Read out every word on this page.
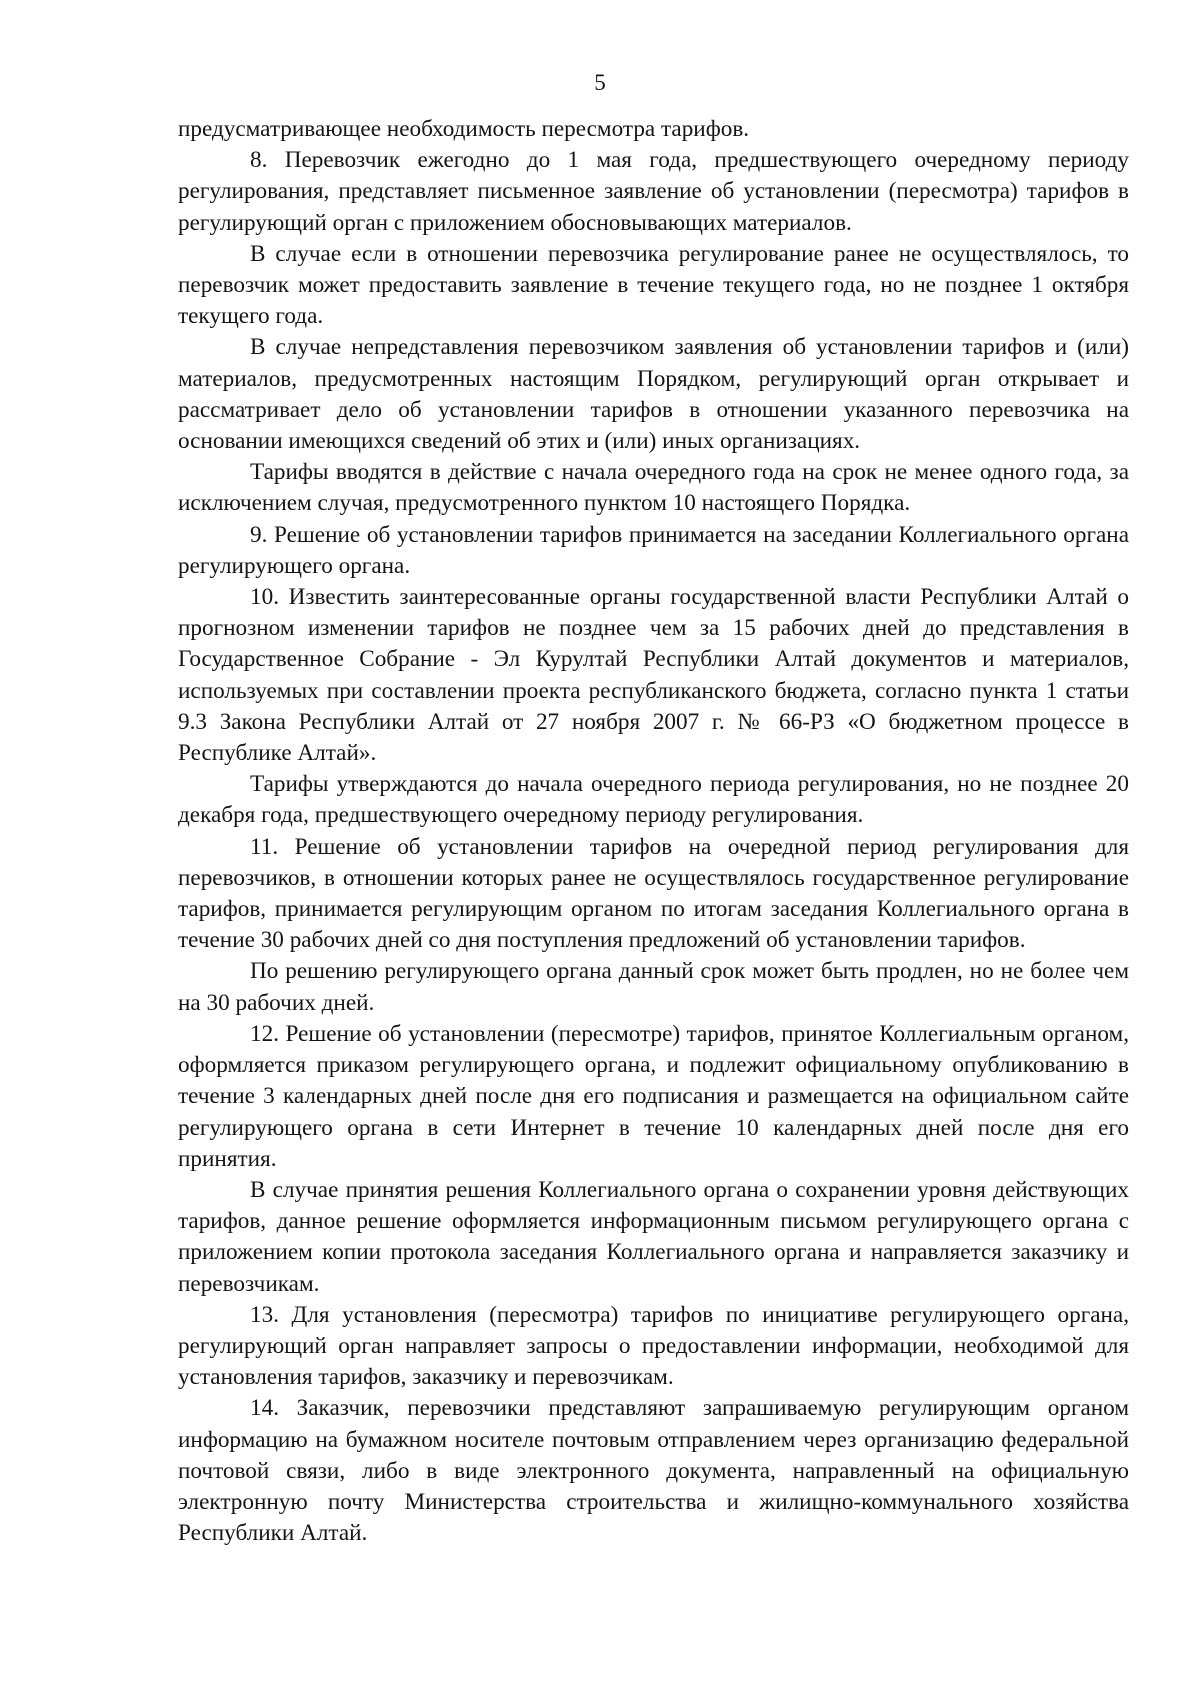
5

предусматривающее необходимость пересмотра тарифов.

8. Перевозчик ежегодно до 1 мая года, предшествующего очередному периоду регулирования, представляет письменное заявление об установлении (пересмотра) тарифов в регулирующий орган с приложением обосновывающих материалов.

В случае если в отношении перевозчика регулирование ранее не осуществлялось, то перевозчик может предоставить заявление в течение текущего года, но не позднее 1 октября текущего года.

В случае непредставления перевозчиком заявления об установлении тарифов и (или) материалов, предусмотренных настоящим Порядком, регулирующий орган открывает и рассматривает дело об установлении тарифов в отношении указанного перевозчика на основании имеющихся сведений об этих и (или) иных организациях.

Тарифы вводятся в действие с начала очередного года на срок не менее одного года, за исключением случая, предусмотренного пунктом 10 настоящего Порядка.

9. Решение об установлении тарифов принимается на заседании Коллегиального органа регулирующего органа.

10. Известить заинтересованные органы государственной власти Республики Алтай о прогнозном изменении тарифов не позднее чем за 15 рабочих дней до представления в Государственное Собрание - Эл Курултай Республики Алтай документов и материалов, используемых при составлении проекта республиканского бюджета, согласно пункта 1 статьи 9.3 Закона Республики Алтай от 27 ноября 2007 г. № 66-РЗ «О бюджетном процессе в Республике Алтай».

Тарифы утверждаются до начала очередного периода регулирования, но не позднее 20 декабря года, предшествующего очередному периоду регулирования.

11. Решение об установлении тарифов на очередной период регулирования для перевозчиков, в отношении которых ранее не осуществлялось государственное регулирование тарифов, принимается регулирующим органом по итогам заседания Коллегиального органа в течение 30 рабочих дней со дня поступления предложений об установлении тарифов.

По решению регулирующего органа данный срок может быть продлен, но не более чем на 30 рабочих дней.

12. Решение об установлении (пересмотре) тарифов, принятое Коллегиальным органом, оформляется приказом регулирующего органа, и подлежит официальному опубликованию в течение 3 календарных дней после дня его подписания и размещается на официальном сайте регулирующего органа в сети Интернет в течение 10 календарных дней после дня его принятия.

В случае принятия решения Коллегиального органа о сохранении уровня действующих тарифов, данное решение оформляется информационным письмом регулирующего органа с приложением копии протокола заседания Коллегиального органа и направляется заказчику и перевозчикам.

13. Для установления (пересмотра) тарифов по инициативе регулирующего органа, регулирующий орган направляет запросы о предоставлении информации, необходимой для установления тарифов, заказчику и перевозчикам.

14. Заказчик, перевозчики представляют запрашиваемую регулирующим органом информацию на бумажном носителе почтовым отправлением через организацию федеральной почтовой связи, либо в виде электронного документа, направленный на официальную электронную почту Министерства строительства и жилищно-коммунального хозяйства Республики Алтай.
